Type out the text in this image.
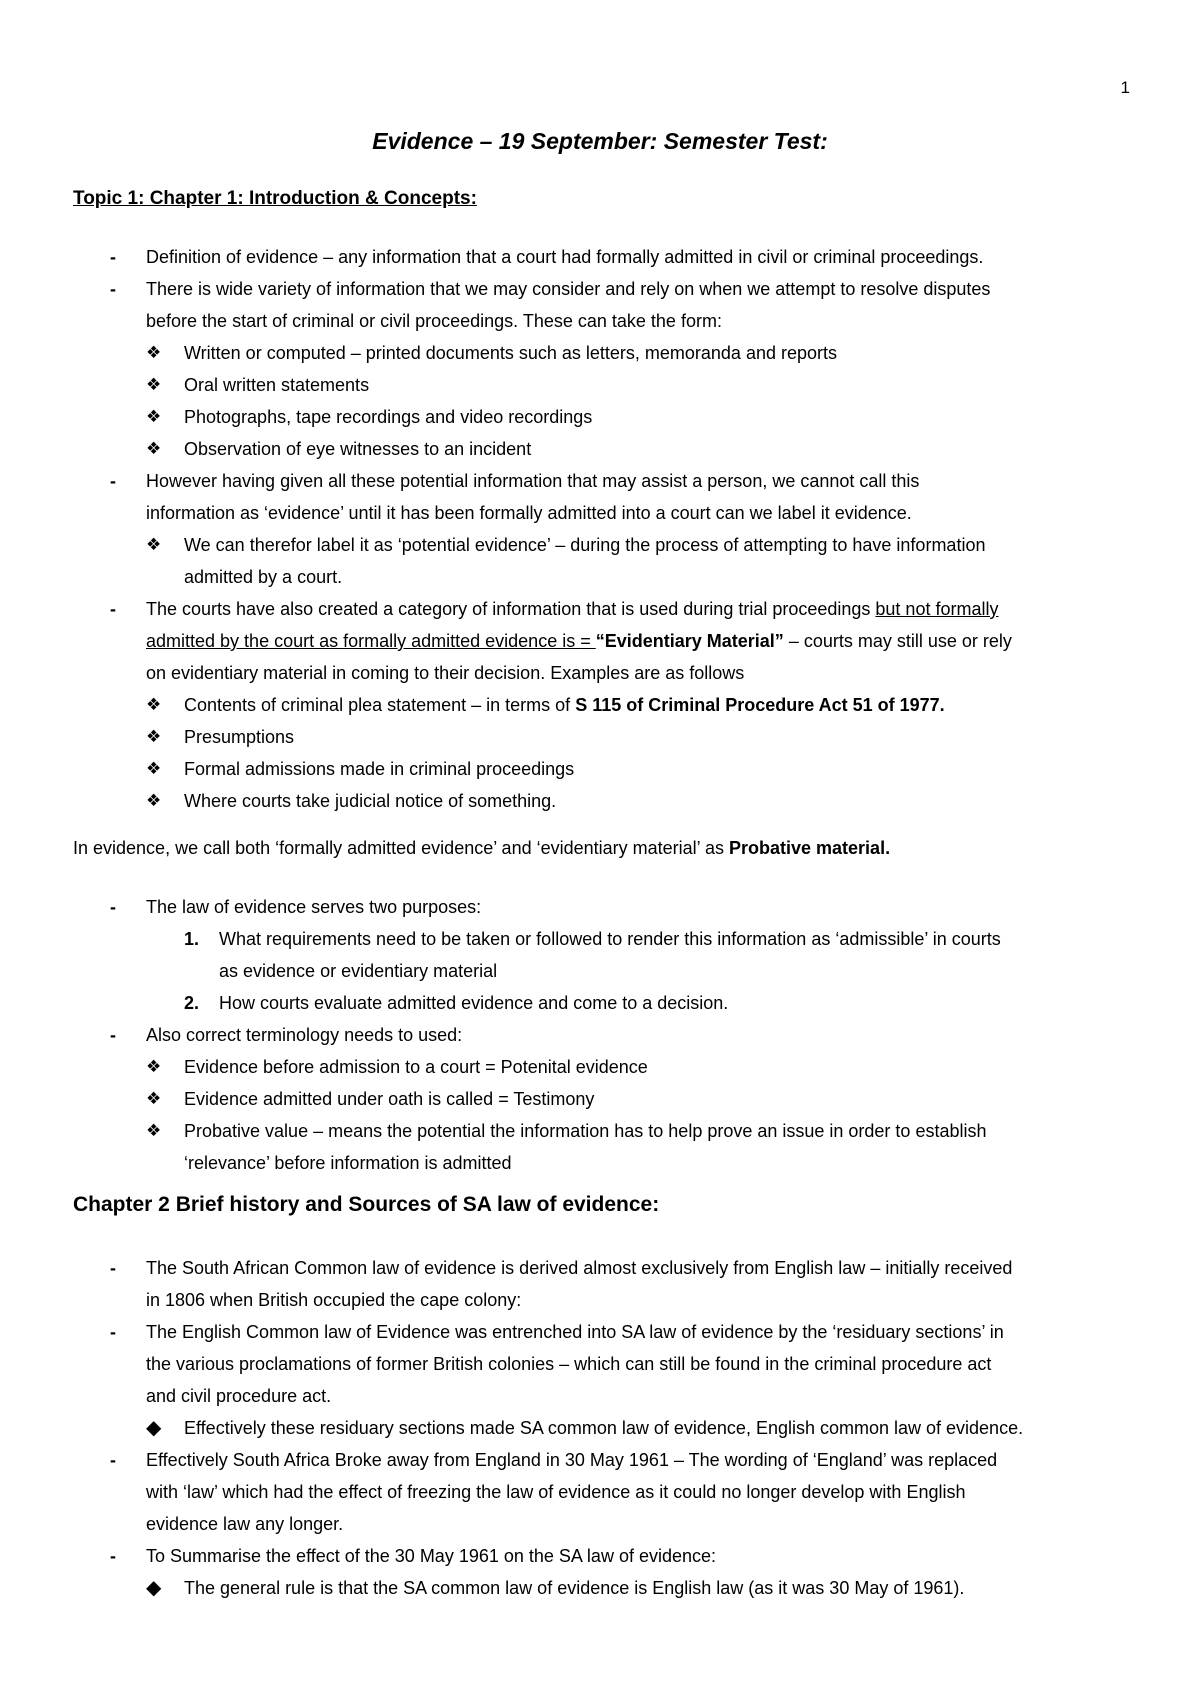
1
Evidence – 19 September: Semester Test:
Topic 1: Chapter 1: Introduction & Concepts:
- Definition of evidence – any information that a court had formally admitted in civil or criminal proceedings.
- There is wide variety of information that we may consider and rely on when we attempt to resolve disputes
before the start of criminal or civil proceedings. These can take the form:
❖ Written or computed – printed documents such as letters, memoranda and reports
❖ Oral written statements
❖ Photographs, tape recordings and video recordings
❖ Observation of eye witnesses to an incident
- However having given all these potential information that may assist a person, we cannot call this
information as ‘evidence’ until it has been formally admitted into a court can we label it evidence.
❖ We can therefor label it as ‘potential evidence’ – during the process of attempting to have information
admitted by a court.
- The courts have also created a category of information that is used during trial proceedings but not formally
admitted by the court as formally admitted evidence is = “Evidentiary Material” – courts may still use or rely
on evidentiary material in coming to their decision. Examples are as follows
❖ Contents of criminal plea statement – in terms of S 115 of Criminal Procedure Act 51 of 1977.
❖ Presumptions
❖ Formal admissions made in criminal proceedings
❖ Where courts take judicial notice of something.
In evidence, we call both ‘formally admitted evidence’ and ‘evidentiary material’ as Probative material.
- The law of evidence serves two purposes:
1. What requirements need to be taken or followed to render this information as ‘admissible’ in courts
as evidence or evidentiary material
2. How courts evaluate admitted evidence and come to a decision.
- Also correct terminology needs to used:
❖ Evidence before admission to a court = Potenital evidence
❖ Evidence admitted under oath is called = Testimony
❖ Probative value – means the potential the information has to help prove an issue in order to establish
‘relevance’ before information is admitted
Chapter 2 Brief history and Sources of SA law of evidence:
- The South African Common law of evidence is derived almost exclusively from English law – initially received
in 1806 when British occupied the cape colony:
- The English Common law of Evidence was entrenched into SA law of evidence by the ‘residuary sections’ in
the various proclamations of former British colonies – which can still be found in the criminal procedure act
and civil procedure act.
◆ Effectively these residuary sections made SA common law of evidence, English common law of evidence.
- Effectively South Africa Broke away from England in 30 May 1961 – The wording of ‘England’ was replaced
with ‘law’ which had the effect of freezing the law of evidence as it could no longer develop with English
evidence law any longer.
- To Summarise the effect of the 30 May 1961 on the SA law of evidence:
◆ The general rule is that the SA common law of evidence is English law (as it was 30 May of 1961).
